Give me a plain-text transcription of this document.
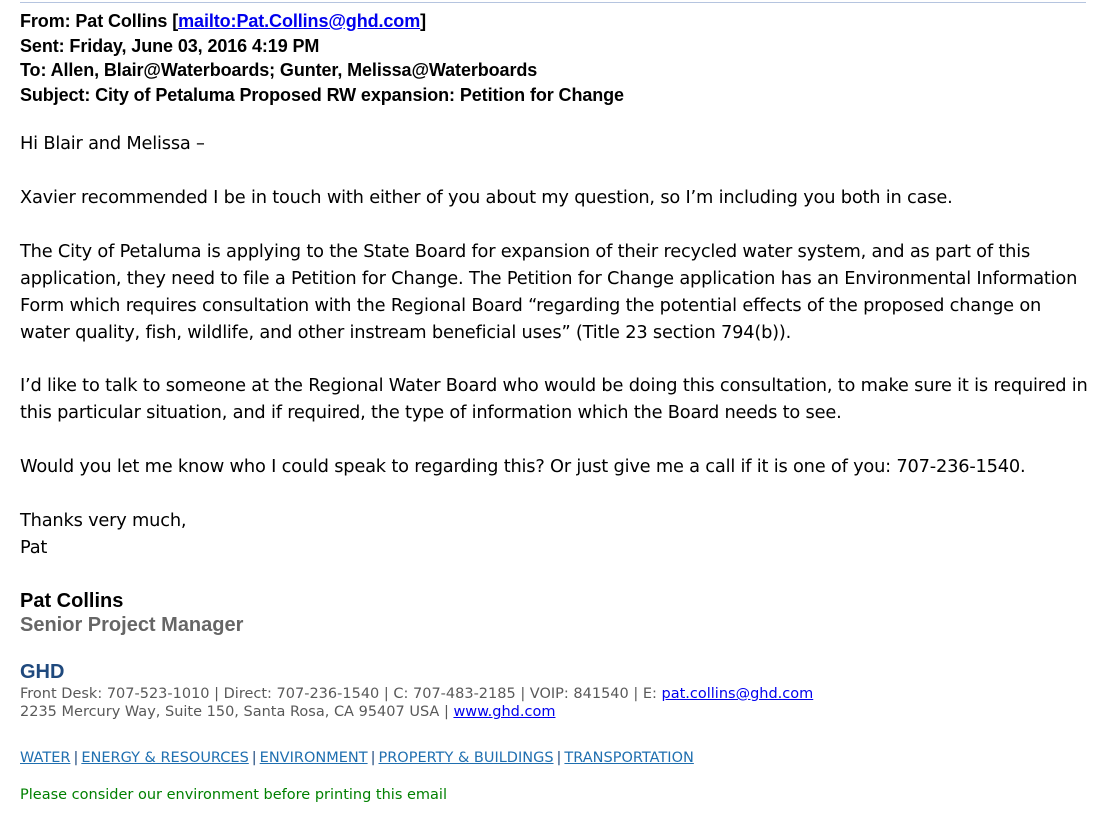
From: Pat Collins [mailto:Pat.Collins@ghd.com]
Sent: Friday, June 03, 2016 4:19 PM
To: Allen, Blair@Waterboards; Gunter, Melissa@Waterboards
Subject: City of Petaluma Proposed RW expansion: Petition for Change

Hi Blair and Melissa –

Xavier recommended I be in touch with either of you about my question, so I’m including you both in case.

The City of Petaluma is applying to the State Board for expansion of their recycled water system, and as part of this application, they need to file a Petition for Change. The Petition for Change application has an Environmental Information Form which requires consultation with the Regional Board “regarding the potential effects of the proposed change on water quality, fish, wildlife, and other instream beneficial uses” (Title 23 section 794(b)).

I’d like to talk to someone at the Regional Water Board who would be doing this consultation, to make sure it is required in this particular situation, and if required, the type of information which the Board needs to see.

Would you let me know who I could speak to regarding this? Or just give me a call if it is one of you: 707-236-1540.

Thanks very much,

Pat

Pat Collins
Senior Project Manager
GHD
Front Desk: 707-523-1010 | Direct: 707-236-1540 | C: 707-483-2185 | VOIP: 841540 | E: pat.collins@ghd.com
2235 Mercury Way, Suite 150, Santa Rosa, CA 95407 USA | www.ghd.com
WATER | ENERGY & RESOURCES | ENVIRONMENT | PROPERTY & BUILDINGS | TRANSPORTATION
Please consider our environment before printing this email
